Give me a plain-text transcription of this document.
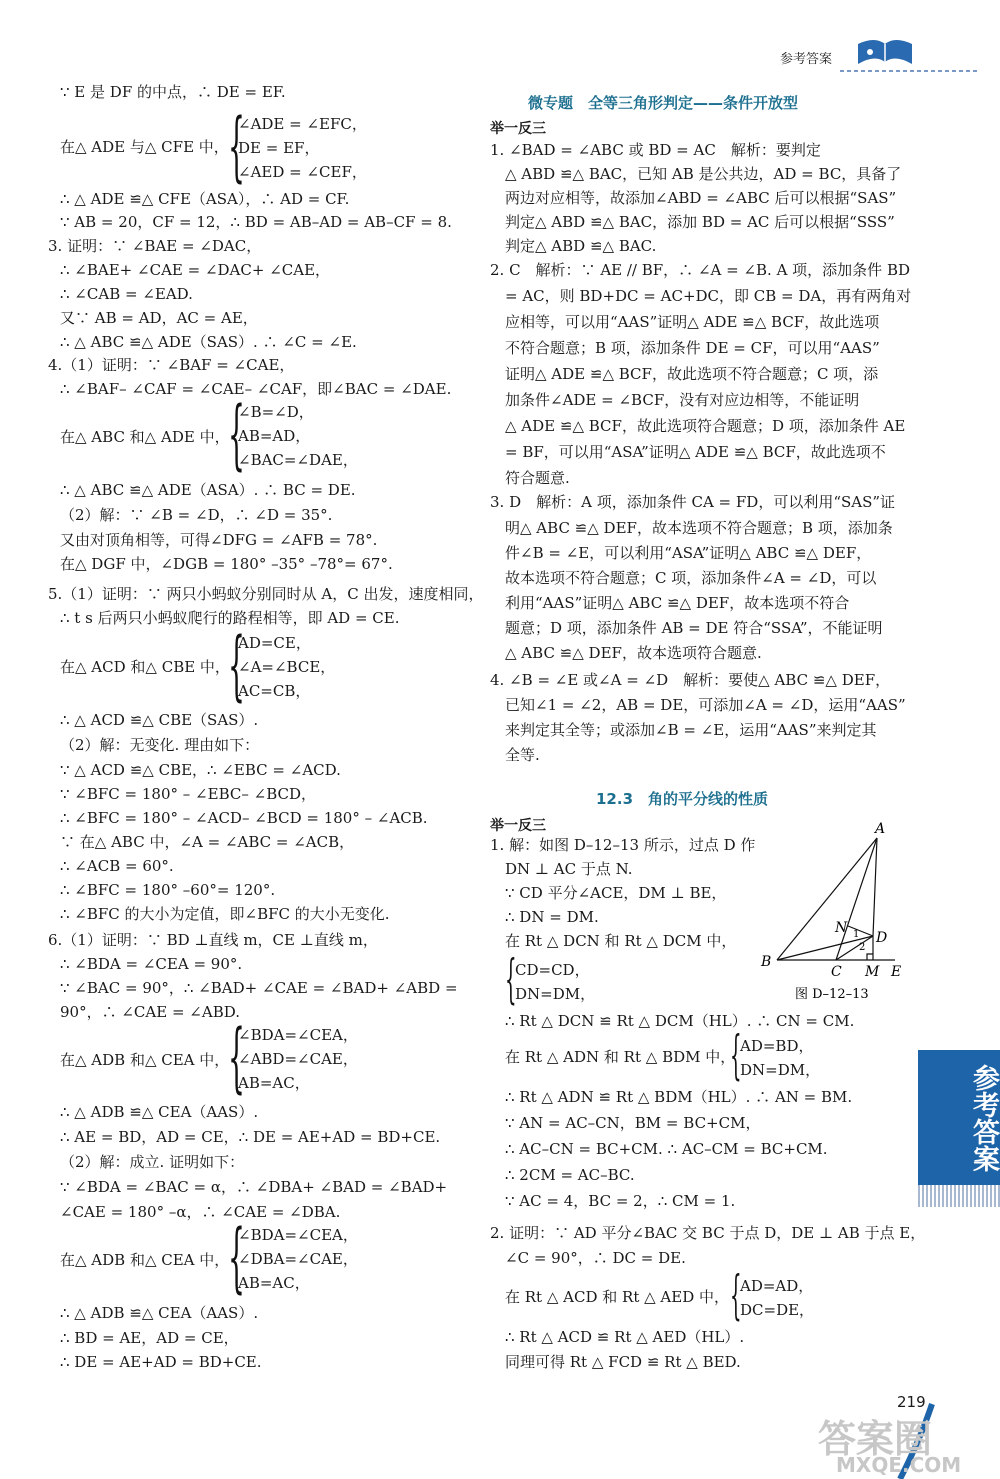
参考答案
∵ E 是 DF 的中点，∴ DE = EF.
在△ ADE 与△ CFE 中，
∴ △ ADE ≌△ CFE（ASA），∴ AD = CF.
∵ AB = 20，CF = 12，∴ BD = AB–AD = AB–CF = 8.
3. 证明：∵ ∠BAE = ∠DAC，
∴ ∠BAE+ ∠CAE = ∠DAC+ ∠CAE，
∴ ∠CAB = ∠EAD.
又∵ AB = AD，AC = AE，
∴ △ ABC ≌△ ADE（SAS）. ∴ ∠C = ∠E.
4.（1）证明：∵ ∠BAF = ∠CAE，
∴ ∠BAF– ∠CAF = ∠CAE– ∠CAF，即∠BAC = ∠DAE.
在△ ABC 和△ ADE 中，
∴ △ ABC ≌△ ADE（ASA）. ∴ BC = DE.
（2）解：∵ ∠B = ∠D，∴ ∠D = 35°.
又由对顶角相等，可得∠DFG = ∠AFB = 78°.
在△ DGF 中，∠DGB = 180° –35° –78°= 67°.
5.（1）证明：∵ 两只小蚂蚁分别同时从 A，C 出发，速度相同，
∴ t s 后两只小蚂蚁爬行的路程相等，即 AD = CE.
在△ ACD 和△ CBE 中，
∴ △ ACD ≌△ CBE（SAS）.
（2）解：无变化. 理由如下：
∵ △ ACD ≌△ CBE，∴ ∠EBC = ∠ACD.
∵ ∠BFC = 180° – ∠EBC– ∠BCD，
∴ ∠BFC = 180° – ∠ACD– ∠BCD = 180° – ∠ACB.
∵ 在△ ABC 中，∠A = ∠ABC = ∠ACB，
∴ ∠ACB = 60°.
∴ ∠BFC = 180° –60°= 120°.
∴ ∠BFC 的大小为定值，即∠BFC 的大小无变化.
6.（1）证明：∵ BD ⊥直线 m，CE ⊥直线 m，
∴ ∠BDA = ∠CEA = 90°.
∵ ∠BAC = 90°，∴ ∠BAD+ ∠CAE = ∠BAD+ ∠ABD =
90°，∴ ∠CAE = ∠ABD.
在△ ADB 和△ CEA 中，
∴ △ ADB ≌△ CEA（AAS）.
∴ AE = BD，AD = CE，∴ DE = AE+AD = BD+CE.
（2）解：成立. 证明如下：
∵ ∠BDA = ∠BAC = α，∴ ∠DBA+ ∠BAD = ∠BAD+
∠CAE = 180° –α，∴ ∠CAE = ∠DBA.
在△ ADB 和△ CEA 中，
∴ △ ADB ≌△ CEA（AAS）.
∴ BD = AE，AD = CE，
∴ DE = AE+AD = BD+CE.
{
∠ADE = ∠EFC，
DE = EF，
∠AED = ∠CEF，
{
∠B=∠D，
AB=AD，
∠BAC=∠DAE，
{
AD=CE，
∠A=∠BCE，
AC=CB，
{
∠BDA=∠CEA，
∠ABD=∠CAE，
AB=AC，
{
∠BDA=∠CEA，
∠DBA=∠CAE，
AB=AC，
微专题　全等三角形判定——条件开放型
举一反三
1. ∠BAD = ∠ABC 或 BD = AC　解析：要判定
△ ABD ≌△ BAC，已知 AB 是公共边，AD = BC，具备了
两边对应相等，故添加∠ABD = ∠ABC 后可以根据“SAS”
判定△ ABD ≌△ BAC，添加 BD = AC 后可以根据“SSS”
判定△ ABD ≌△ BAC.
2. C　解析：∵ AE // BF，∴ ∠A = ∠B. A 项，添加条件 BD
= AC，则 BD+DC = AC+DC，即 CB = DA，再有两角对
应相等，可以用“AAS”证明△ ADE ≌△ BCF，故此选项
不符合题意；B 项，添加条件 DE = CF，可以用“AAS”
证明△ ADE ≌△ BCF，故此选项不符合题意；C 项，添
加条件∠ADE = ∠BCF，没有对应边相等，不能证明
△ ADE ≌△ BCF，故此选项符合题意；D 项，添加条件 AE
= BF，可以用“ASA”证明△ ADE ≌△ BCF，故此选项不
符合题意.
3. D　解析：A 项，添加条件 CA = FD，可以利用“SAS”证
明△ ABC ≌△ DEF，故本选项不符合题意；B 项，添加条
件∠B = ∠E，可以利用“ASA”证明△ ABC ≌△ DEF，
故本选项不符合题意；C 项，添加条件∠A = ∠D，可以
利用“AAS”证明△ ABC ≌△ DEF，故本选项不符合
题意；D 项，添加条件 AB = DE 符合“SSA”，不能证明
△ ABC ≌△ DEF，故本选项符合题意.
4. ∠B = ∠E 或∠A = ∠D　解析：要使△ ABC ≌△ DEF，
已知∠1 = ∠2，AB = DE，可添加∠A = ∠D，运用“AAS”
来判定其全等；或添加∠B = ∠E，运用“AAS”来判定其
全等.
1. 解：如图 D–12–13 所示，过点 D 作
DN ⊥ AC 于点 N.
∵ CD 平分∠ACE，DM ⊥ BE，
∴ DN = DM.
在 Rt △ DCN 和 Rt △ DCM 中，
∴ Rt △ DCN ≌ Rt △ DCM（HL）. ∴ CN = CM.
在 Rt △ ADN 和 Rt △ BDM 中，
∴ Rt △ ADN ≌ Rt △ BDM（HL）. ∴ AN = BM.
∵ AN = AC–CN，BM = BC+CM，
∴ AC–CN = BC+CM. ∴ AC–CM = BC+CM.
∴ 2CM = AC–BC.
∵ AC = 4，BC = 2，∴ CM = 1.
2. 证明：∵ AD 平分∠BAC 交 BC 于点 D，DE ⊥ AB 于点 E，
∠C = 90°，∴ DC = DE.
在 Rt △ ACD 和 Rt △ AED 中，
∴ Rt △ ACD ≌ Rt △ AED（HL）.
同理可得 Rt △ FCD ≌ Rt △ BED.
{
CD=CD，
DN=DM，
{
AD=BD，
DN=DM，
{
AD=AD，
DC=DE，
12.3　角的平分线的性质
举一反三	A
B
C
D
M E
N 1
2
图 D–12–13
参考答案
219
答案圈
MXQE.COM
